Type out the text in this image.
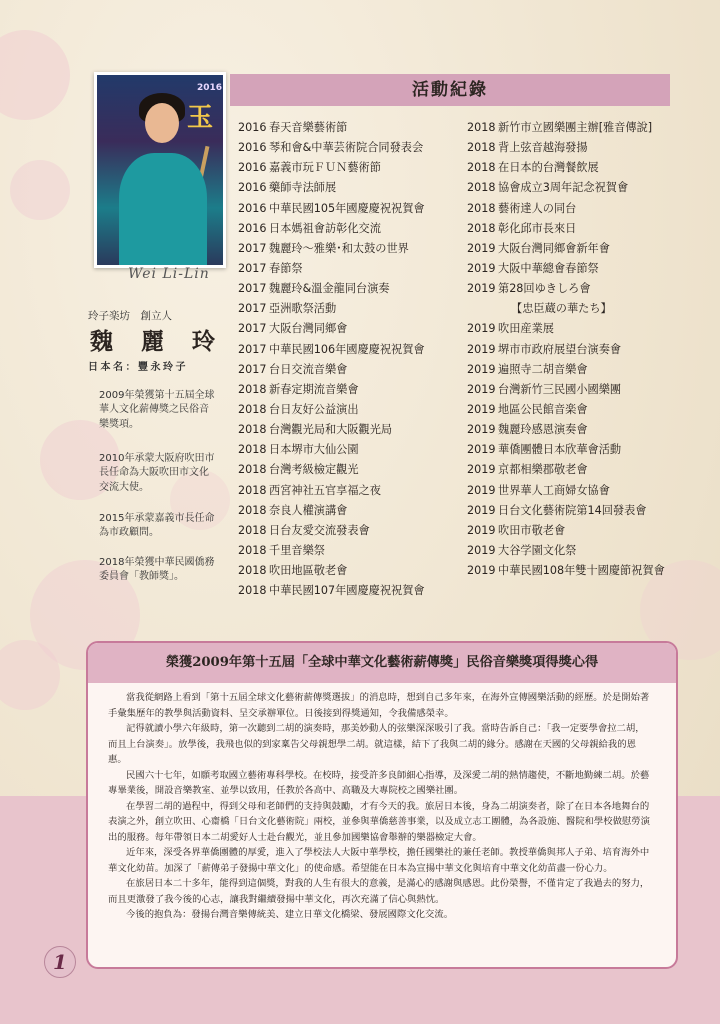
玉
2016
Wei Li-Lin
玲子楽坊　創立人
魏 麗 玲
日本名：豐永玲子
2009年榮獲第十五屆全球華人文化薪傳獎之民俗音樂獎項。
2010年承蒙大阪府吹田市長任命為大阪吹田市文化交流大使。
2015年承蒙嘉義市長任命為市政顧問。
2018年榮獲中華民國僑務委員會「教師獎」。
活動紀錄
2016 春天音樂藝術節
2016 琴和會&中華芸術院合同發表会
2016 嘉義市玩ＦＵＮ藝術節
2016 藥師寺法師展
2016 中華民國105年國慶慶祝祝賀會
2016 日本媽祖會訪彰化交流
2017 魏麗玲～雅樂･和太鼓の世界
2017 春節祭
2017 魏麗玲&溫金龍同台演奏
2017 亞洲歌祭活動
2017 大阪台灣同鄉會
2017 中華民國106年國慶慶祝祝賀會
2017 台日交流音樂會
2018 新春定期流音樂會
2018 台日友好公益演出
2018 台灣觀光局和大阪觀光局
2018 日本堺市大仙公園
2018 台灣考級檢定觀光
2018 西宮神社五官享福之夜
2018 奈良人權演講會
2018 日台友愛交流發表會
2018 千里音樂祭
2018 吹田地區敬老會
2018 中華民國107年國慶慶祝祝賀會
2018 新竹市立國樂團主辦[雅音傳說]
2018 背上弦音越海發揚
2018 在日本的台灣餐飲展
2018 協會成立3周年記念祝賀會
2018 藝術達人の同台
2018 彰化邱市長來日
2019 大阪台灣同鄉會新年會
2019 大阪中華總會春節祭
2019 第28回ゆきしろ會
【忠臣蔵の華たち】
2019 吹田産業展
2019 堺市市政府展望台演奏會
2019 遍照寺二胡音樂會
2019 台灣新竹三民國小國樂團
2019 地區公民館音楽會
2019 魏麗玲感恩演奏會
2019 華僑團體日本欣華會活動
2019 京都相樂郡敬老會
2019 世界華人工商婦女協會
2019 日台文化藝術院第14回發表會
2019 吹田市敬老會
2019 大谷学園文化祭
2019 中華民國108年雙十國慶節祝賀會
榮獲2009年第十五屆「全球中華文化藝術薪傳獎」民俗音樂獎項得獎心得

當我從網路上看到「第十五屆全球文化藝術薪傳獎選拔」的消息時，想到自己多年來，在海外宣傳國樂活動的經歷。於是開始著手彙集歷年的教學與活動資料、呈交承辦單位。日後接到得獎通知，令我備感榮幸。

記得就讀小學六年級時，第一次聽到二胡的演奏時，那美妙動人的弦樂深深吸引了我。當時告訴自己：「我一定要學會拉二胡，而且上台演奏」。放學後，我飛也似的到家稟告父母親想學二胡。就這樣，結下了我與二胡的緣分。感謝在天國的父母親給我的恩惠。

民國六十七年，如願考取國立藝術專科學校。在校時，接受許多良師細心指導，及深愛二胡的熱情趨使，不斷地勤練二胡。於藝專畢業後，開設音樂教室、並學以致用，任教於各高中、高職及大專院校之國樂社團。

在學習二胡的過程中，得到父母和老師們的支持與鼓勵，才有今天的我。旅居日本後，身為二胡演奏者，除了在日本各地舞台的表演之外，創立吹田、心齋橋「日台文化藝術院」兩校，並參與華僑慈善事業，以及成立志工團體，為各設施、醫院和學校做慰勞演出的服務。每年帶領日本二胡愛好人士赴台觀光，並且參加國樂協會舉辦的樂器檢定大會。

近年來，深受各界華僑團體的厚愛，進入了學校法人大阪中華學校，擔任國樂社的兼任老師。教授華僑與邦人子弟、培育海外中華文化幼苗。加深了「薪傳弟子發揚中華文化」的使命感。希望能在日本為宣揚中華文化與培育中華文化幼苗盡一份心力。

在旅居日本二十多年，能得到這個獎，對我的人生有很大的意義，是滿心的感謝與感恩。此份榮譽，不僅肯定了我過去的努力，而且更激發了我今後的心志，讓我對繼續發揚中華文化，再次充滿了信心與熱忱。

今後的抱負為：發揚台灣音樂傳統美、建立日華文化橋梁、發展國際文化交流。

1
